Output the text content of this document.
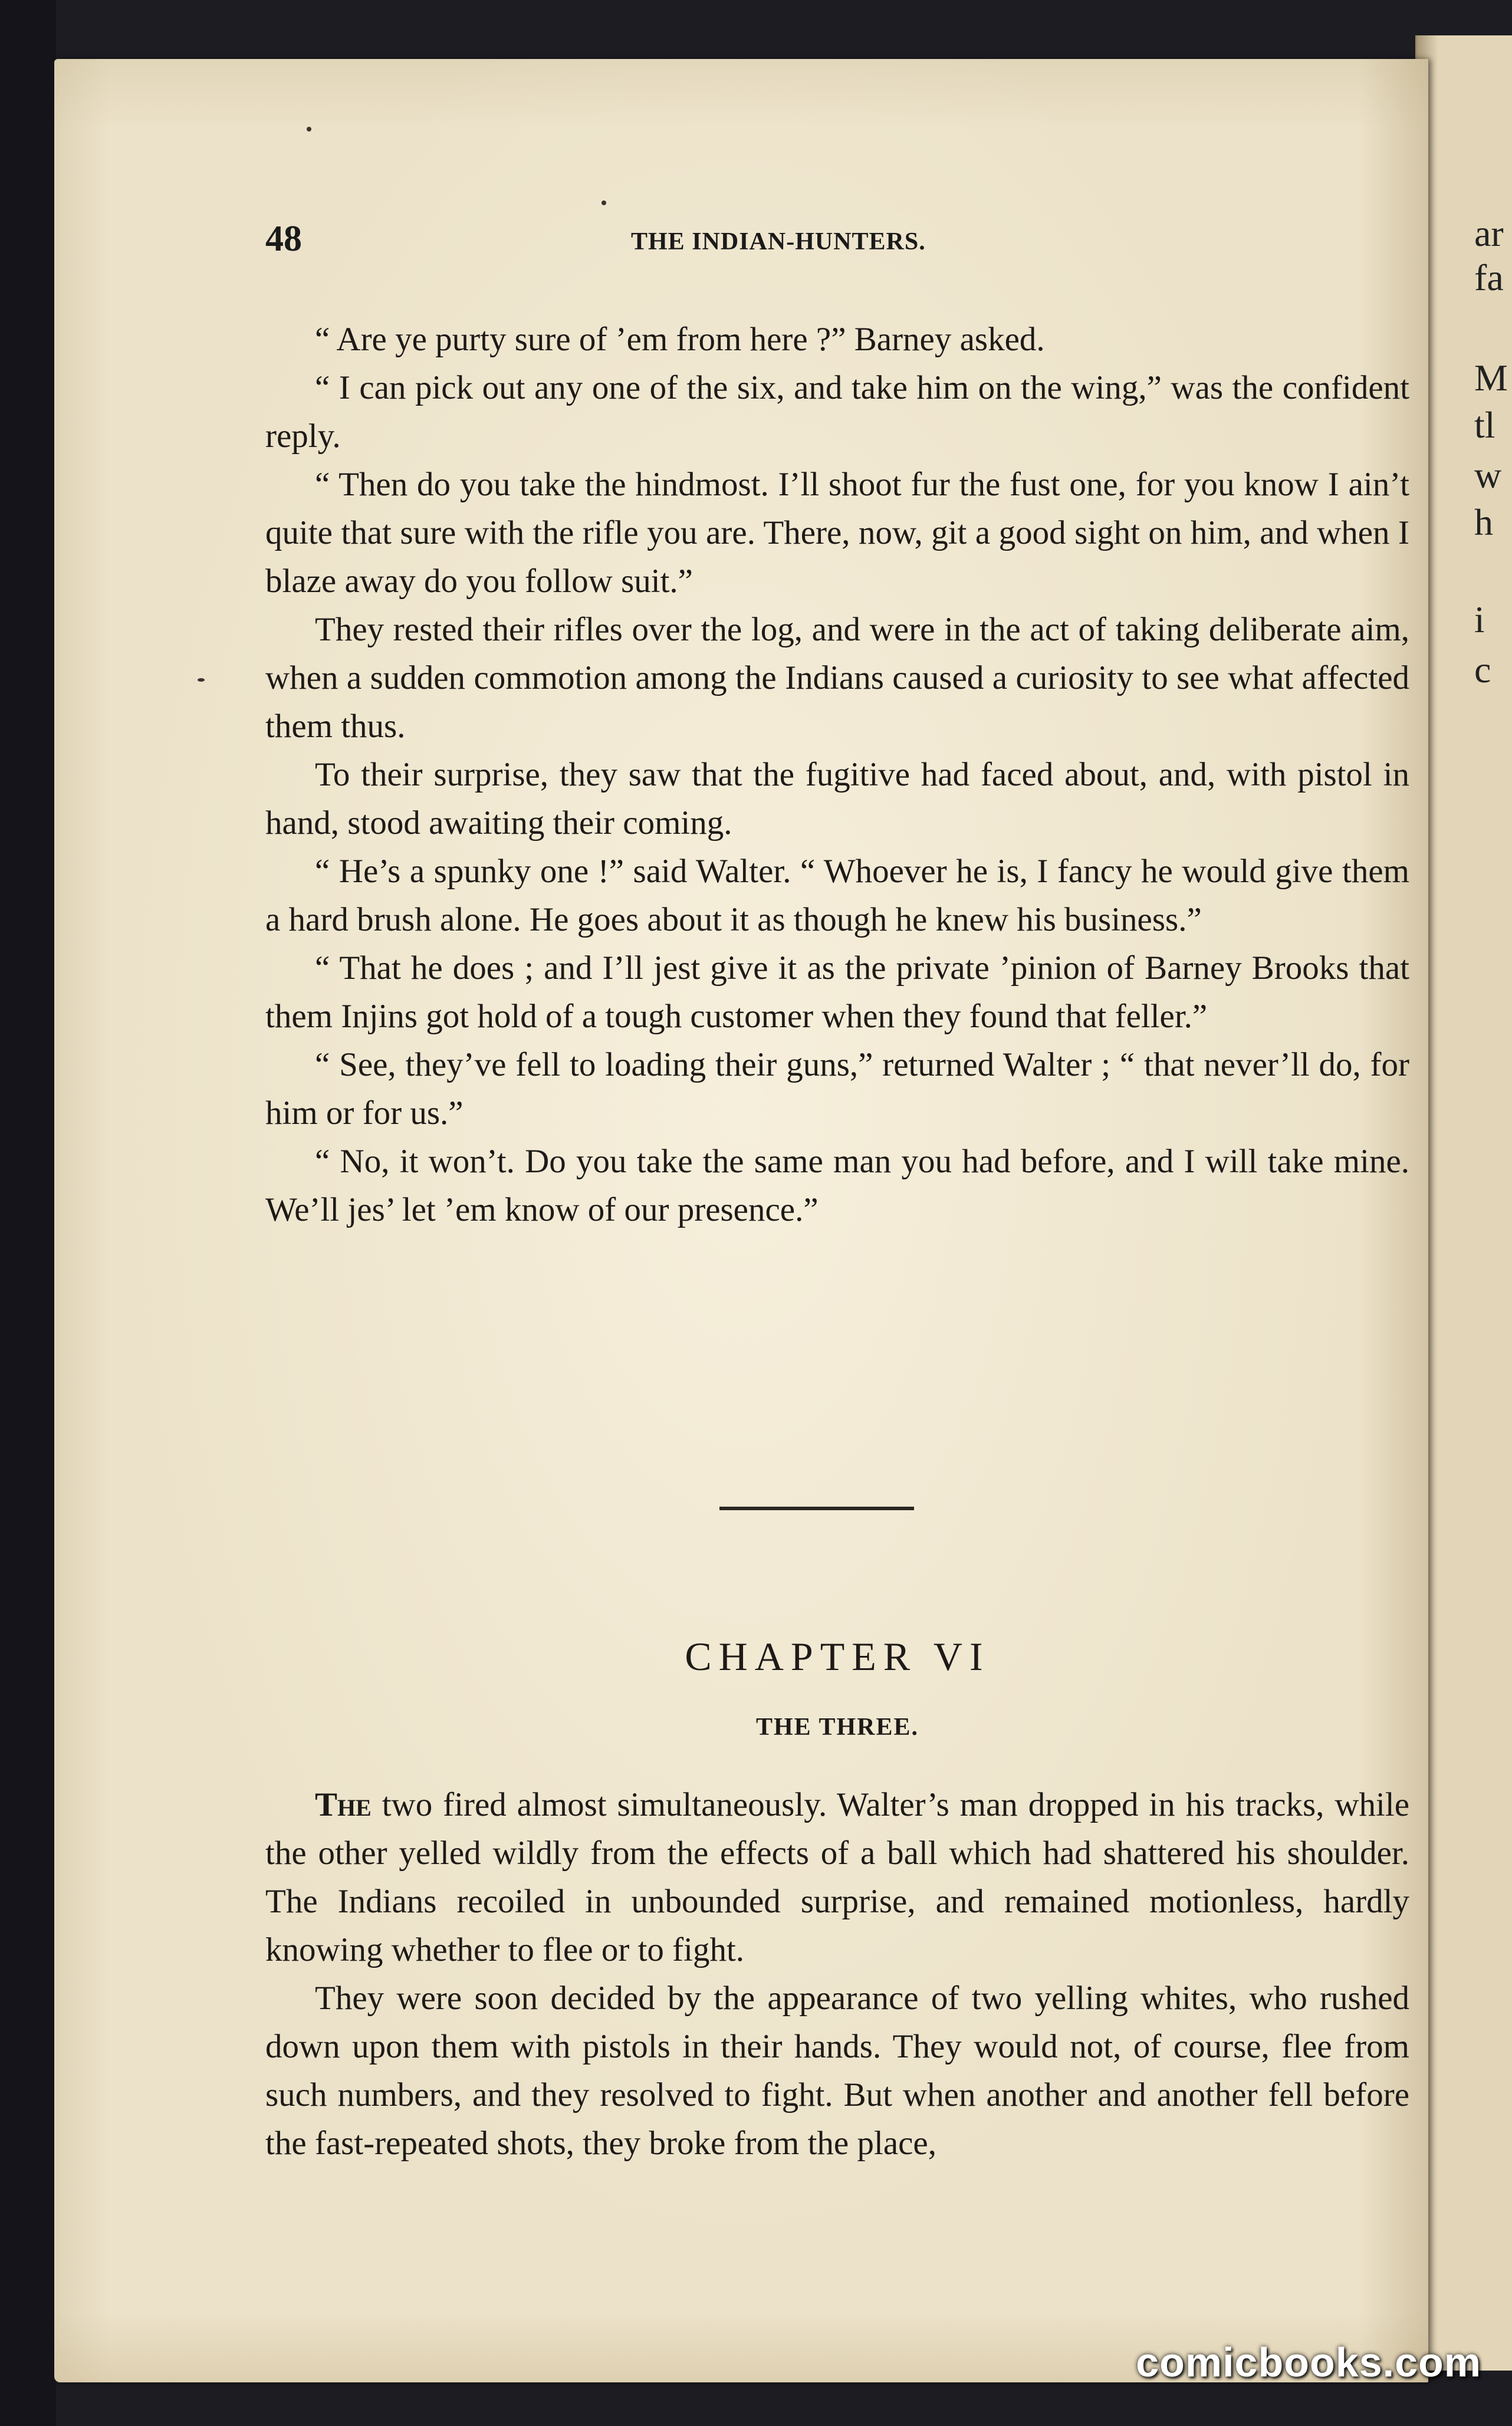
ar
fa
M
tl
w
h
i
c
48	THE INDIAN-HUNTERS.

“ Are ye purty sure of ’em from here ?” Barney asked.

“ I can pick out any one of the six, and take him on the wing,” was the confident reply.

“ Then do you take the hindmost. I’ll shoot fur the fust one, for you know I ain’t quite that sure with the rifle you are. There, now, git a good sight on him, and when I blaze away do you follow suit.”

They rested their rifles over the log, and were in the act of taking deliberate aim, when a sudden commotion among the Indians caused a curiosity to see what affected them thus.

To their surprise, they saw that the fugitive had faced about, and, with pistol in hand, stood awaiting their coming.

“ He’s a spunky one !” said Walter. “ Whoever he is, I fancy he would give them a hard brush alone. He goes about it as though he knew his business.”

“ That he does ; and I’ll jest give it as the private ’pinion of Barney Brooks that them Injins got hold of a tough customer when they found that feller.”

“ See, they’ve fell to loading their guns,” returned Walter ; “ that never’ll do, for him or for us.”

“ No, it won’t. Do you take the same man you had before, and I will take mine. We’ll jes’ let ’em know of our presence.”

CHAPTER VI
THE THREE.

The two fired almost simultaneously. Walter’s man dropped in his tracks, while the other yelled wildly from the effects of a ball which had shattered his shoulder. The Indians recoiled in unbounded surprise, and remained motionless, hardly knowing whether to flee or to fight.

They were soon decided by the appearance of two yelling whites, who rushed down upon them with pistols in their hands. They would not, of course, flee from such numbers, and they resolved to fight. But when another and another fell before the fast-repeated shots, they broke from the place,

comicbooks.com
